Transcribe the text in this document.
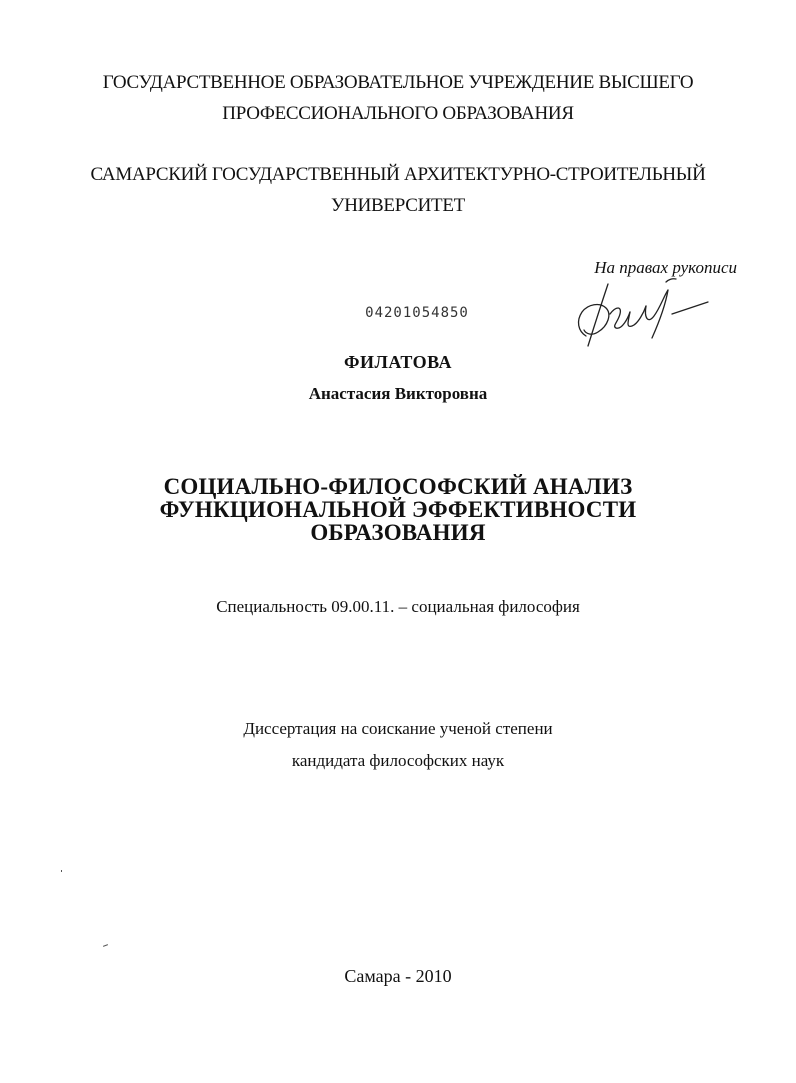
ГОСУДАРСТВЕННОЕ ОБРАЗОВАТЕЛЬНОЕ УЧРЕЖДЕНИЕ ВЫСШЕГО
ПРОФЕССИОНАЛЬНОГО ОБРАЗОВАНИЯ
САМАРСКИЙ ГОСУДАРСТВЕННЫЙ АРХИТЕКТУРНО-СТРОИТЕЛЬНЫЙ
УНИВЕРСИТЕТ
На правах рукописи
04201054850
ФИЛАТОВА
Анастасия Викторовна
СОЦИАЛЬНО-ФИЛОСОФСКИЙ АНАЛИЗ
ФУНКЦИОНАЛЬНОЙ ЭФФЕКТИВНОСТИ
ОБРАЗОВАНИЯ
Специальность 09.00.11. – социальная философия
Диссертация на соискание ученой степени
кандидата философских наук
Самара - 2010
